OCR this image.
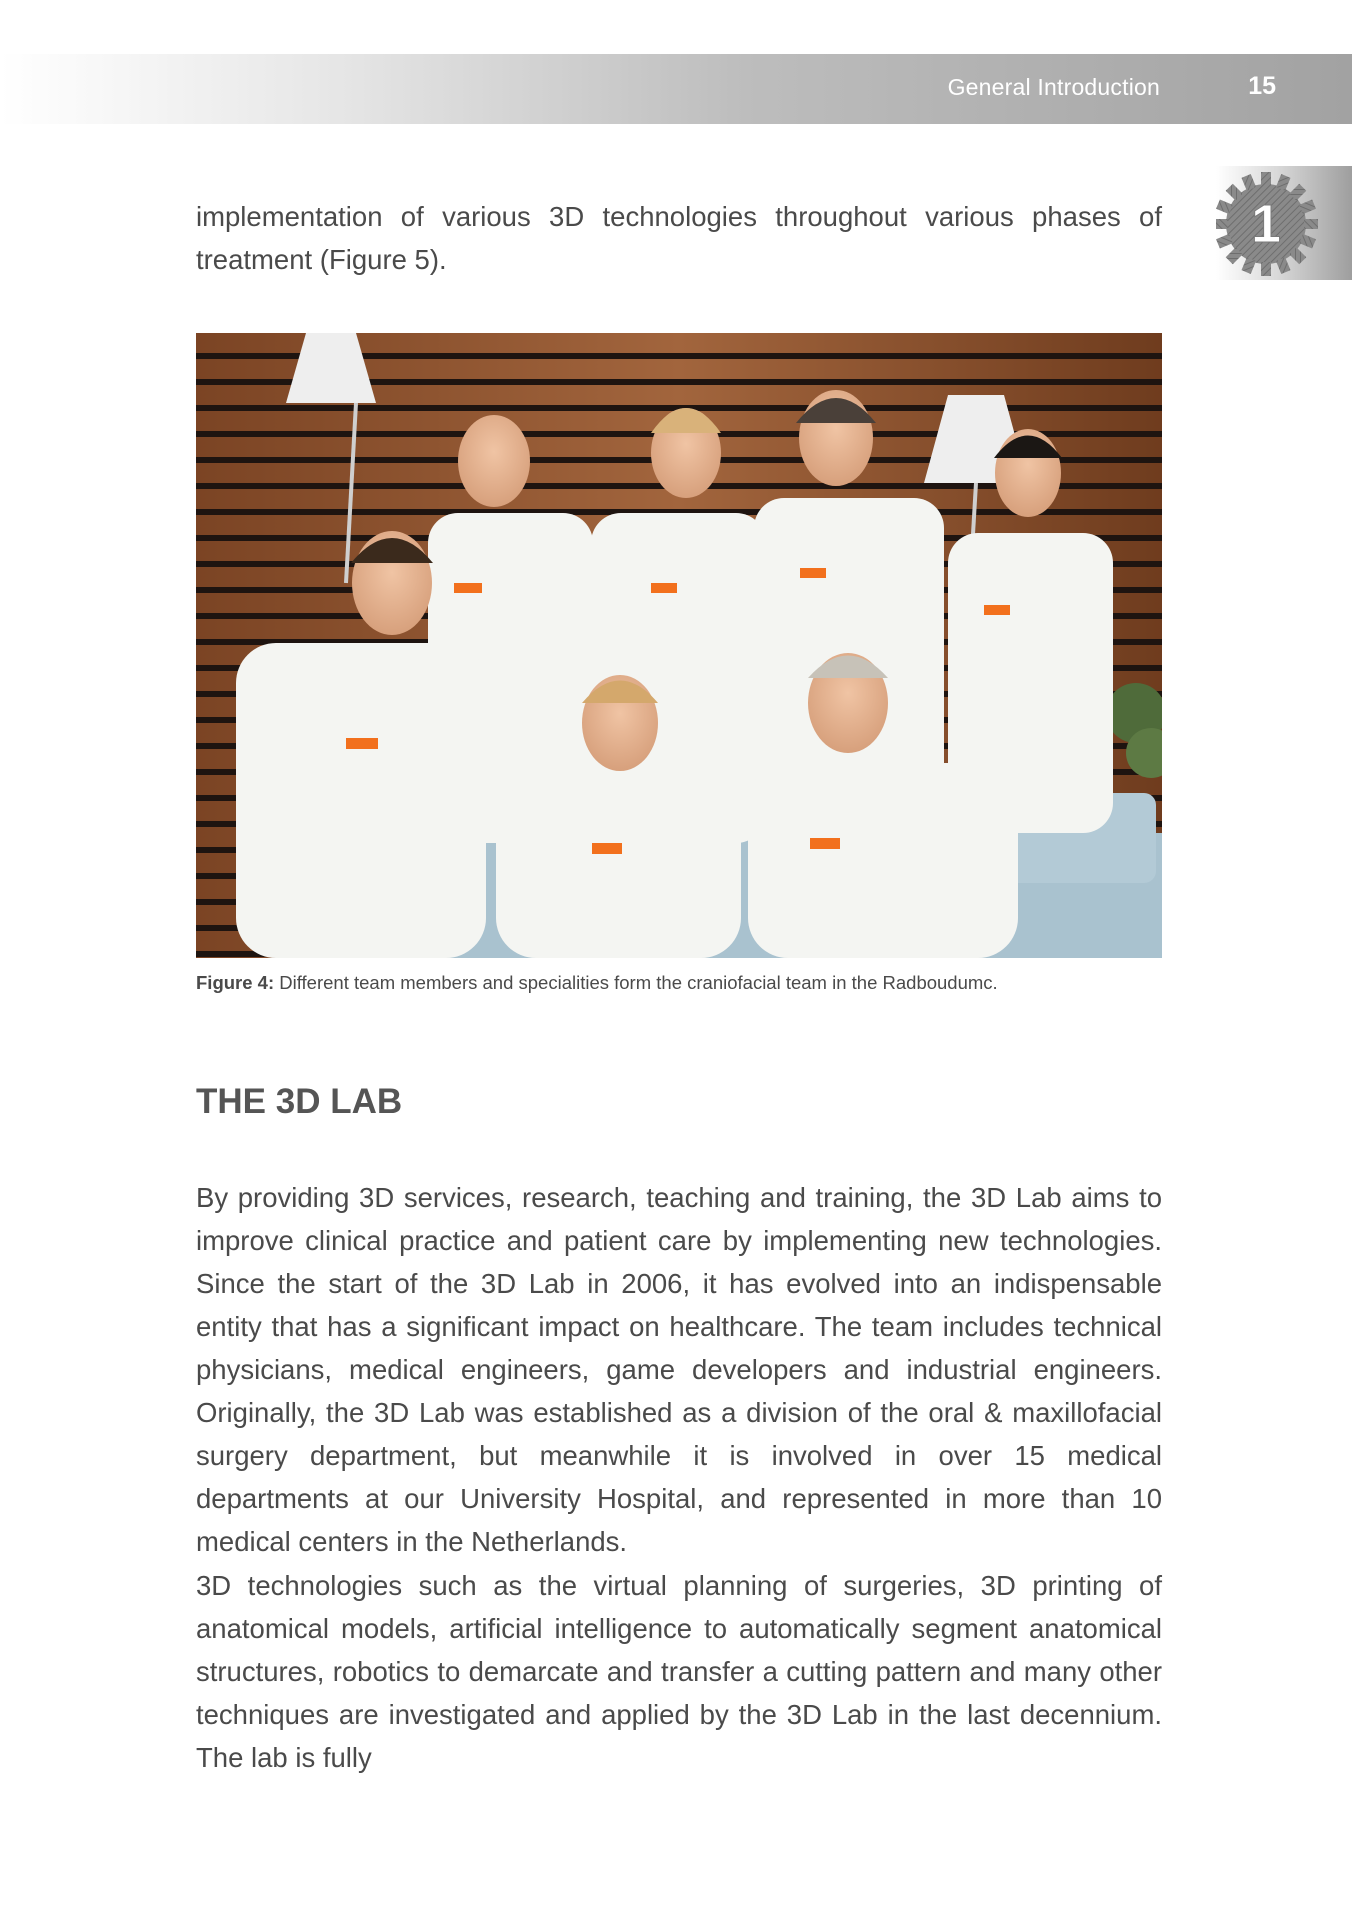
General Introduction	15
1

implementation of various 3D technologies throughout various phases of treatment (Figure 5).

Figure 4: Different team members and specialities form the craniofacial team in the Radboudumc.

THE 3D LAB

By providing 3D services, research, teaching and training, the 3D Lab aims to improve clinical practice and patient care by implementing new technologies. Since the start of the 3D Lab in 2006, it has evolved into an indispensable entity that has a significant impact on healthcare. The team includes technical physicians, medical engineers, game developers and industrial engineers. Originally, the 3D Lab was established as a division of the oral & maxillofacial surgery department, but meanwhile it is involved in over 15 medical departments at our University Hospital, and represented in more than 10 medical centers in the Netherlands.

3D technologies such as the virtual planning of surgeries, 3D printing of anatomical models, artificial intelligence to automatically segment anatomical structures, robotics to demarcate and transfer a cutting pattern and many other techniques are investigated and applied by the 3D Lab in the last decennium. The lab is fully
